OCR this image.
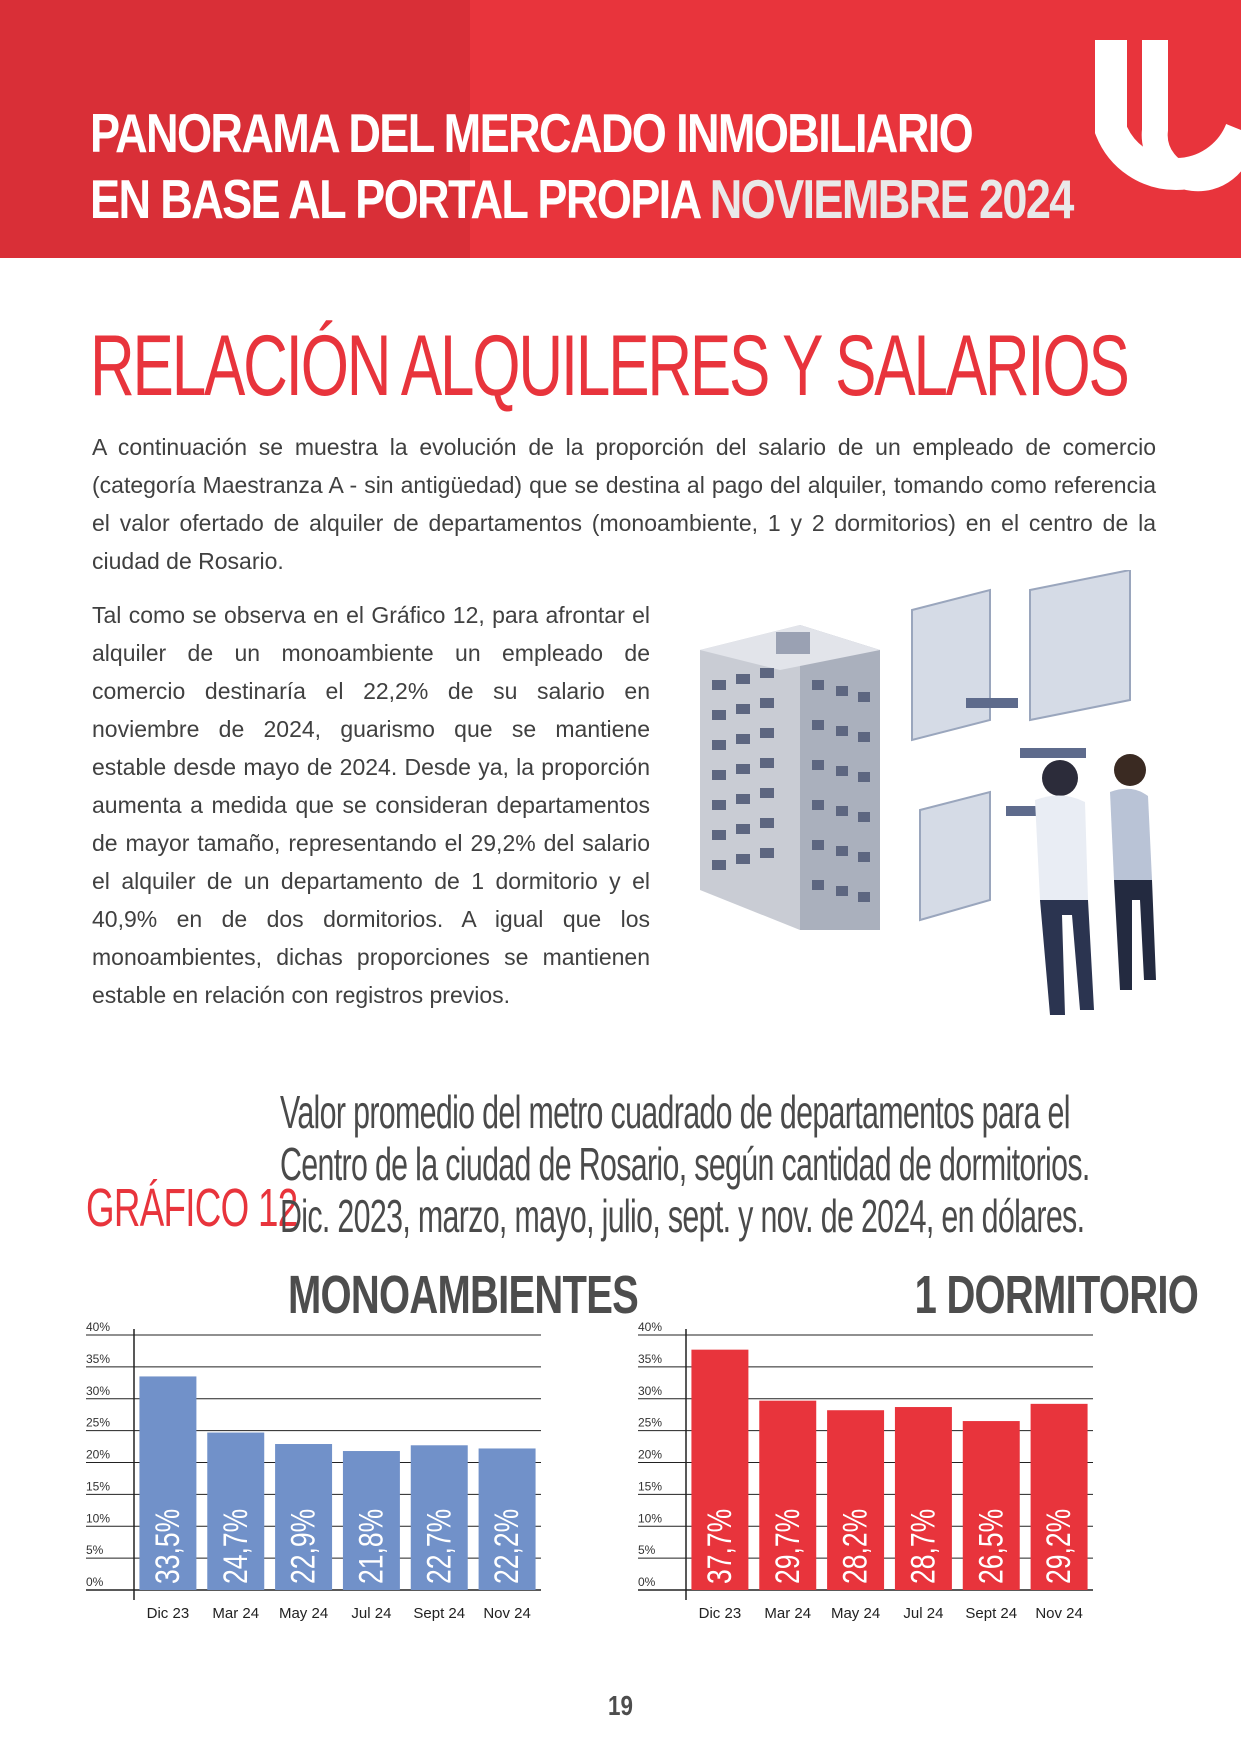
PANORAMA DEL MERCADO INMOBILIARIO
EN BASE AL PORTAL PROPIA NOVIEMBRE 2024
RELACIÓN ALQUILERES Y SALARIOS

A continuación se muestra la evolución de la proporción del salario de un empleado de comercio (categoría Maestranza A - sin antigüedad) que se destina al pago del alquiler, tomando como referencia el valor ofertado de alquiler de departamentos (monoambiente, 1 y 2 dormitorios) en el centro de la ciudad de Rosario.

Tal como se observa en el Gráfico 12, para afrontar el alquiler de un monoambiente un empleado de comercio destinaría el 22,2% de su salario en noviembre de 2024, guarismo que se mantiene estable desde mayo de 2024. Desde ya, la proporción aumenta a medida que se consideran departamentos de mayor tamaño, representando el 29,2% del salario el alquiler de un departamento de 1 dormitorio y el 40,9% en de dos dormitorios. A igual que los monoambientes, dichas proporciones se mantienen estable en relación con registros previos.

GRÁFICO 12
Valor promedio del metro cuadrado de departamentos para el
Centro de la ciudad de Rosario, según cantidad de dormitorios.
Dic. 2023, marzo, mayo, julio, sept. y nov. de 2024, en dólares.
MONOAMBIENTES
0%
5%
10%
15%
20%
25%
30%
35%
40%
33,5%
Dic 23
24,7%
Mar 24
22,9%
May 24
21,8%
Jul 24
22,7%
Sept 24
22,2%
Nov 24
1 DORMITORIO
0%
5%
10%
15%
20%
25%
30%
35%
40%
37,7%
Dic 23
29,7%
Mar 24
28,2%
May 24
28,7%
Jul 24
26,5%
Sept 24
29,2%
Nov 24
19
